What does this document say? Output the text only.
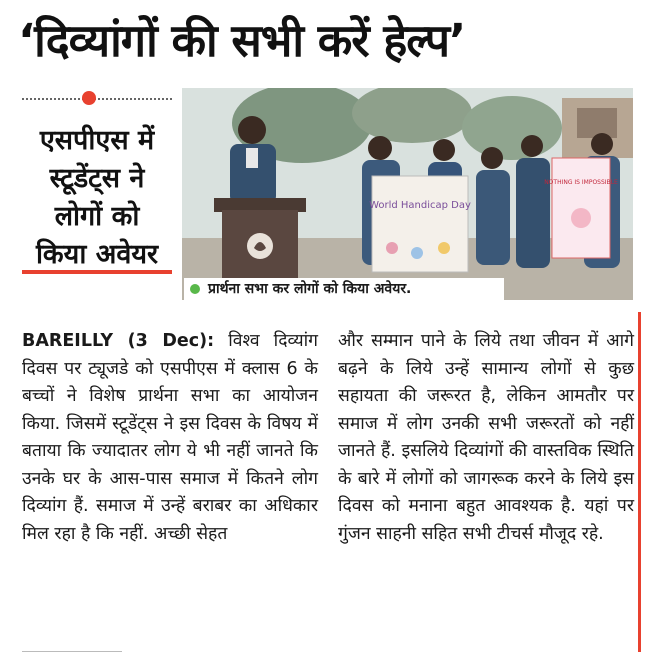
‘दिव्यांगों की सभी करें हेल्प’
एसपीएस में
स्टूडेंट्स ने
लोगों को
किया अवेयर
World Handicap Day
NOTHING IS IMPOSSIBLE
प्रार्थना सभा कर लोगों को किया अवेयर.
BAREILLY (3 Dec): विश्व दिव्यांग दिवस पर ट्यूजडे को एसपीएस में क्लास 6 के बच्चों ने विशेष प्रार्थना सभा का आयोजन किया. जिसमें स्टूडेंट्स ने इस दिवस के विषय में बताया कि ज्यादातर लोग ये भी नहीं जानते कि उनके घर के आस-पास समाज में कितने लोग दिव्यांग हैं. समाज में उन्हें बराबर का अधिकार मिल रहा है कि नहीं. अच्छी सेहत
और सम्मान पाने के लिये तथा जीवन में आगे बढ़ने के लिये उन्हें सामान्य लोगों से कुछ सहायता की जरूरत है, लेकिन आमतौर पर समाज में लोग उनकी सभी जरूरतों को नहीं जानते हैं. इसलिये दिव्यांगों की वास्तविक स्थिति के बारे में लोगों को जागरूक करने के लिये इस दिवस को मनाना बहुत आवश्यक है. यहां पर गुंजन साहनी सहित सभी टीचर्स मौजूद रहे.
